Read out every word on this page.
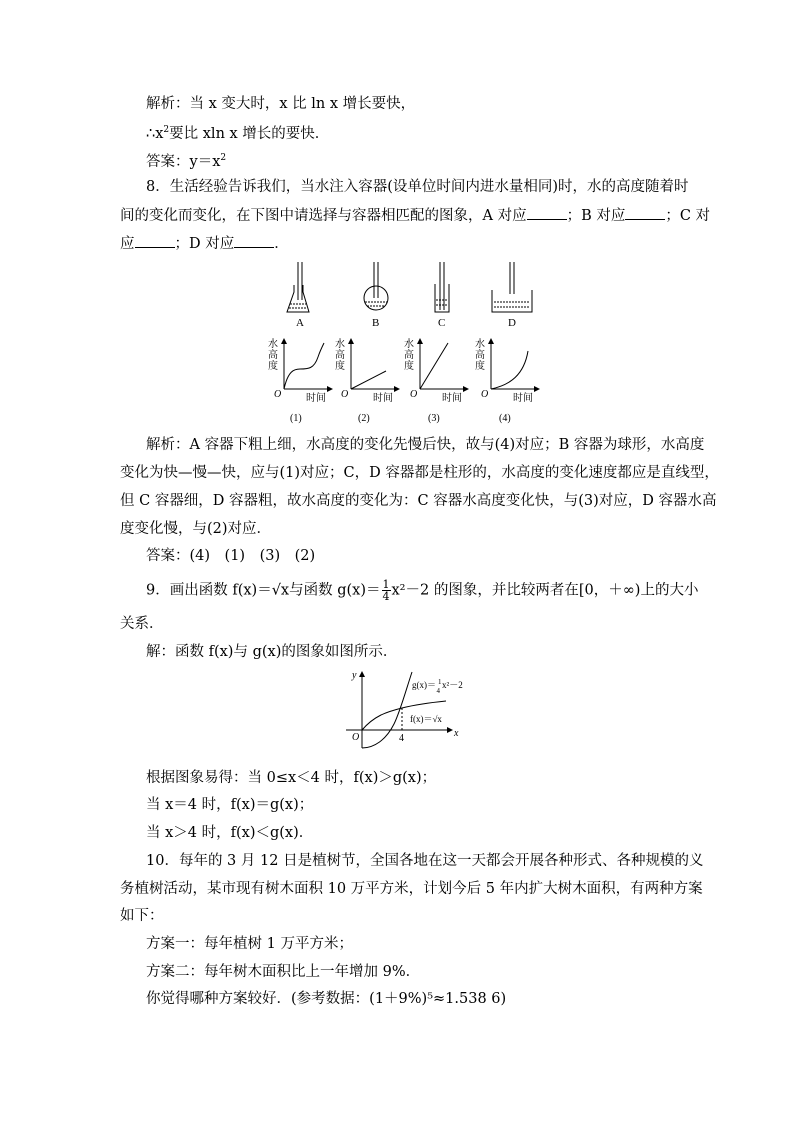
解析：当 x 变大时，x 比 ln x 增长要快，
$\therefore x^2$要比 xln x 增长的要快．
答案：$y=x^2$
8．生活经验告诉我们，当水注入容器(设单位时间内进水量相同)时，水的高度随着时
间的变化而变化，在下图中请选择与容器相匹配的图象，A 对应	；B 对应	；C 对
应	；D 对应	．
A	B	C	D
水
高
度
水
高
度
水
高
度
水
高
度
O	O	O	O
时间	时间	时间	时间
(1)	(2)	(3)	(4)
解析：A 容器下粗上细，水高度的变化先慢后快，故与(4)对应；B 容器为球形，水高度
变化为快—慢—快，应与(1)对应；C，D 容器都是柱形的，水高度的变化速度都应是直线型，
但 C 容器细，D 容器粗，故水高度的变化为：C 容器水高度变化快，与(3)对应，D 容器水高
度变化慢，与(2)对应．
答案：(4)　(1)　(3)　(2)
9．画出函数 f(x)＝√x与函数 $g(x)= \frac{1}{4} x^2-2$ 的图象，并比较两者在[0，＋∞)上的大小
关系．
解：函数 f(x)与 g(x)的图象如图所示．
y
x
O	4
g(x)＝ $^1$ 4x²－2
f(x)＝√x
根据图象易得：当 0≤x＜4 时，f(x)＞g(x)；
当 x＝4 时，f(x)＝g(x)；
当 x＞4 时，f(x)＜g(x)．
10．每年的 3 月 12 日是植树节，全国各地在这一天都会开展各种形式、各种规模的义
务植树活动，某市现有树木面积 10 万平方米，计划今后 5 年内扩大树木面积，有两种方案
如下：
方案一：每年植树 1 万平方米；
方案二：每年树木面积比上一年增加 9%．
你觉得哪种方案较好．(参考数据：(1＋9%)⁵≈1.538 6)
